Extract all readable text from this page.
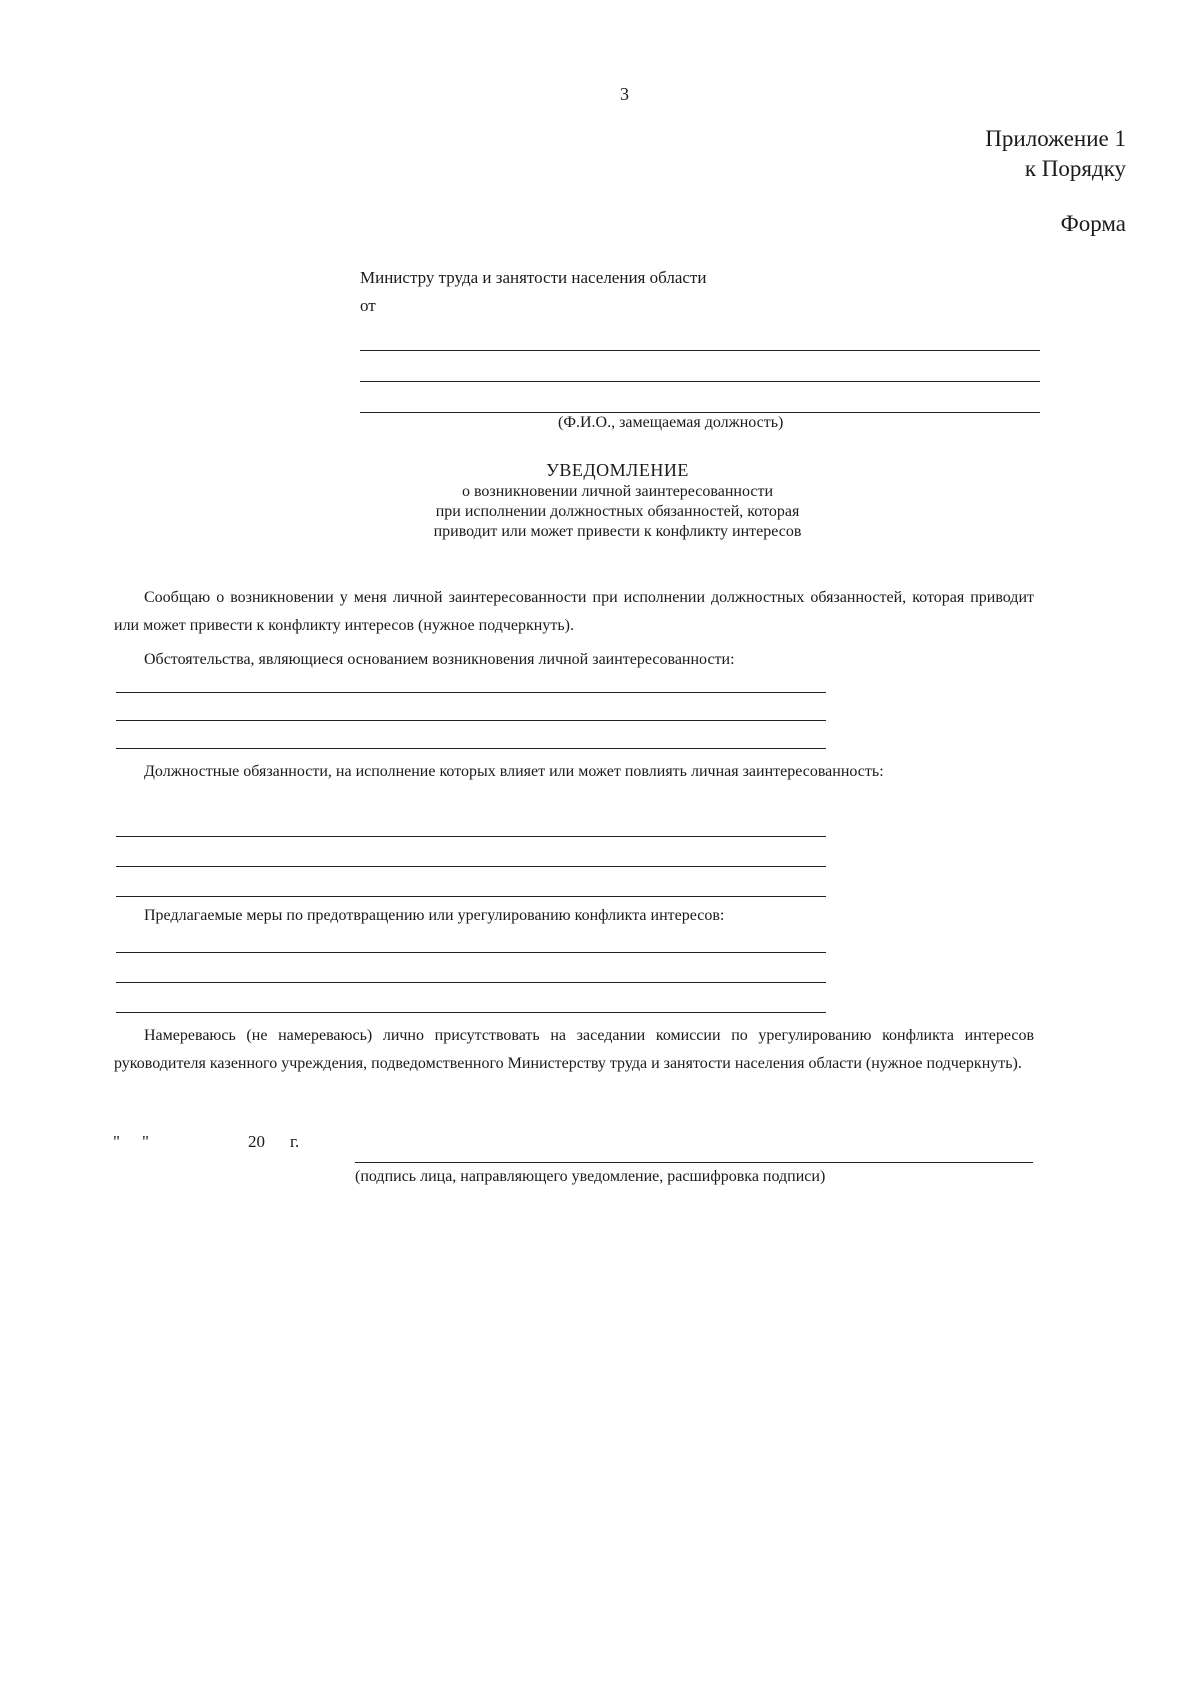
3
Приложение 1
к Порядку
Форма
Министру труда и занятости населения области
от
(Ф.И.О., замещаемая должность)
УВЕДОМЛЕНИЕ
о возникновении личной заинтересованности
при исполнении должностных обязанностей, которая
приводит или может привести к конфликту интересов
Сообщаю о возникновении у меня личной заинтересованности при исполнении должностных обязанностей, которая приводит или может привести к конфликту интересов (нужное подчеркнуть).
Обстоятельства, являющиеся основанием возникновения личной заинтересованности:
Должностные обязанности, на исполнение которых влияет или может повлиять личная заинтересованность:
Предлагаемые меры по предотвращению или урегулированию конфликта интересов:
Намереваюсь (не намереваюсь) лично присутствовать на заседании комиссии по урегулированию конфликта интересов руководителя казенного учреждения, подведомственного Министерству труда и занятости населения области (нужное подчеркнуть).
" "	20 г.
(подпись лица, направляющего уведомление, расшифровка подписи)
